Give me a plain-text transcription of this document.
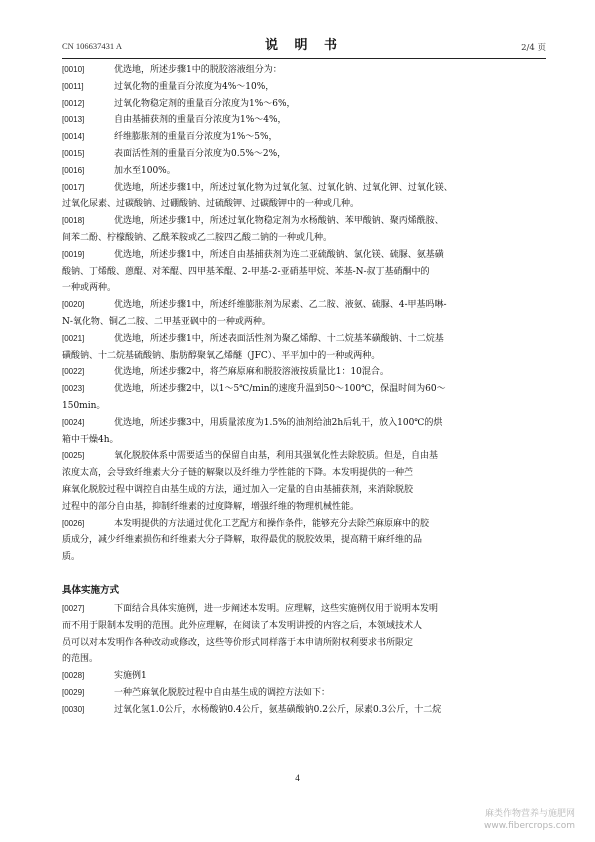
CN 106637431 A	说 明 书	2/4 页
[0010]	优选地，所述步骤1中的脱胶溶液组分为：
[0011]	过氧化物的重量百分浓度为4%～10%，
[0012]	过氧化物稳定剂的重量百分浓度为1%～6%，
[0013]	自由基捕获剂的重量百分浓度为1%～4%，
[0014]	纤维膨胀剂的重量百分浓度为1%～5%，
[0015]	表面活性剂的重量百分浓度为0.5%～2%，
[0016]	加水至100%。
[0017]	优选地，所述步骤1中，所述过氧化物为过氧化氢、过氧化钠、过氧化钾、过氧化镁、
过氧化尿素、过碳酸钠、过硼酸钠、过硫酸钾、过碳酸钾中的一种或几种。
[0018]	优选地，所述步骤1中，所述过氧化物稳定剂为水杨酸钠、苯甲酸钠、聚丙烯酰胺、
间苯二酚、柠檬酸钠、乙酰苯胺或乙二胺四乙酸二钠的一种或几种。
[0019]	优选地，所述步骤1中，所述自由基捕获剂为连二亚硫酸钠、氯化镁、硫脲、氨基磺
酸钠、丁烯酸、蒽醌、对苯醌、四甲基苯醌、2-甲基-2-亚硝基甲烷、苯基-N-叔丁基硝酮中的
一种或两种。
[0020]	优选地，所述步骤1中，所述纤维膨胀剂为尿素、乙二胺、液氨、硫脲、4-甲基吗啉-
N-氧化物、铜乙二胺、二甲基亚砜中的一种或两种。
[0021]	优选地，所述步骤1中，所述表面活性剂为聚乙烯醇、十二烷基苯磺酸钠、十二烷基
磺酸钠、十二烷基硫酸钠、脂肪醇聚氧乙烯醚（JFC）、平平加中的一种或两种。
[0022]	优选地，所述步骤2中，将苎麻原麻和脱胶溶液按质量比1：10混合。
[0023]	优选地，所述步骤2中，以1～5℃/min的速度升温到50～100℃，保温时间为60～
150min。
[0024]	优选地，所述步骤3中，用质量浓度为1.5%的油剂给油2h后轧干，放入100℃的烘
箱中干燥4h。
[0025]	氧化脱胶体系中需要适当的保留自由基，利用其强氧化性去除胶质。但是，自由基
浓度太高，会导致纤维素大分子链的解聚以及纤维力学性能的下降。本发明提供的一种苎
麻氧化脱胶过程中调控自由基生成的方法，通过加入一定量的自由基捕获剂，来消除脱胶
过程中的部分自由基，抑制纤维素的过度降解，增强纤维的物理机械性能。
[0026]	本发明提供的方法通过优化工艺配方和操作条件，能够充分去除苎麻原麻中的胶
质成分，减少纤维素损伤和纤维素大分子降解，取得最优的脱胶效果，提高精干麻纤维的品
质。
具体实施方式
[0027]	下面结合具体实施例，进一步阐述本发明。应理解，这些实施例仅用于说明本发明
而不用于限制本发明的范围。此外应理解，在阅读了本发明讲授的内容之后，本领域技术人
员可以对本发明作各种改动或修改，这些等价形式同样落于本申请所附权利要求书所限定
的范围。
[0028]	实施例1
[0029]	一种苎麻氧化脱胶过程中自由基生成的调控方法如下：
[0030]	过氧化氢1.0公斤，水杨酸钠0.4公斤，氨基磺酸钠0.2公斤，尿素0.3公斤，十二烷
4
麻类作物营养与施肥网
www.fibercrops.com
